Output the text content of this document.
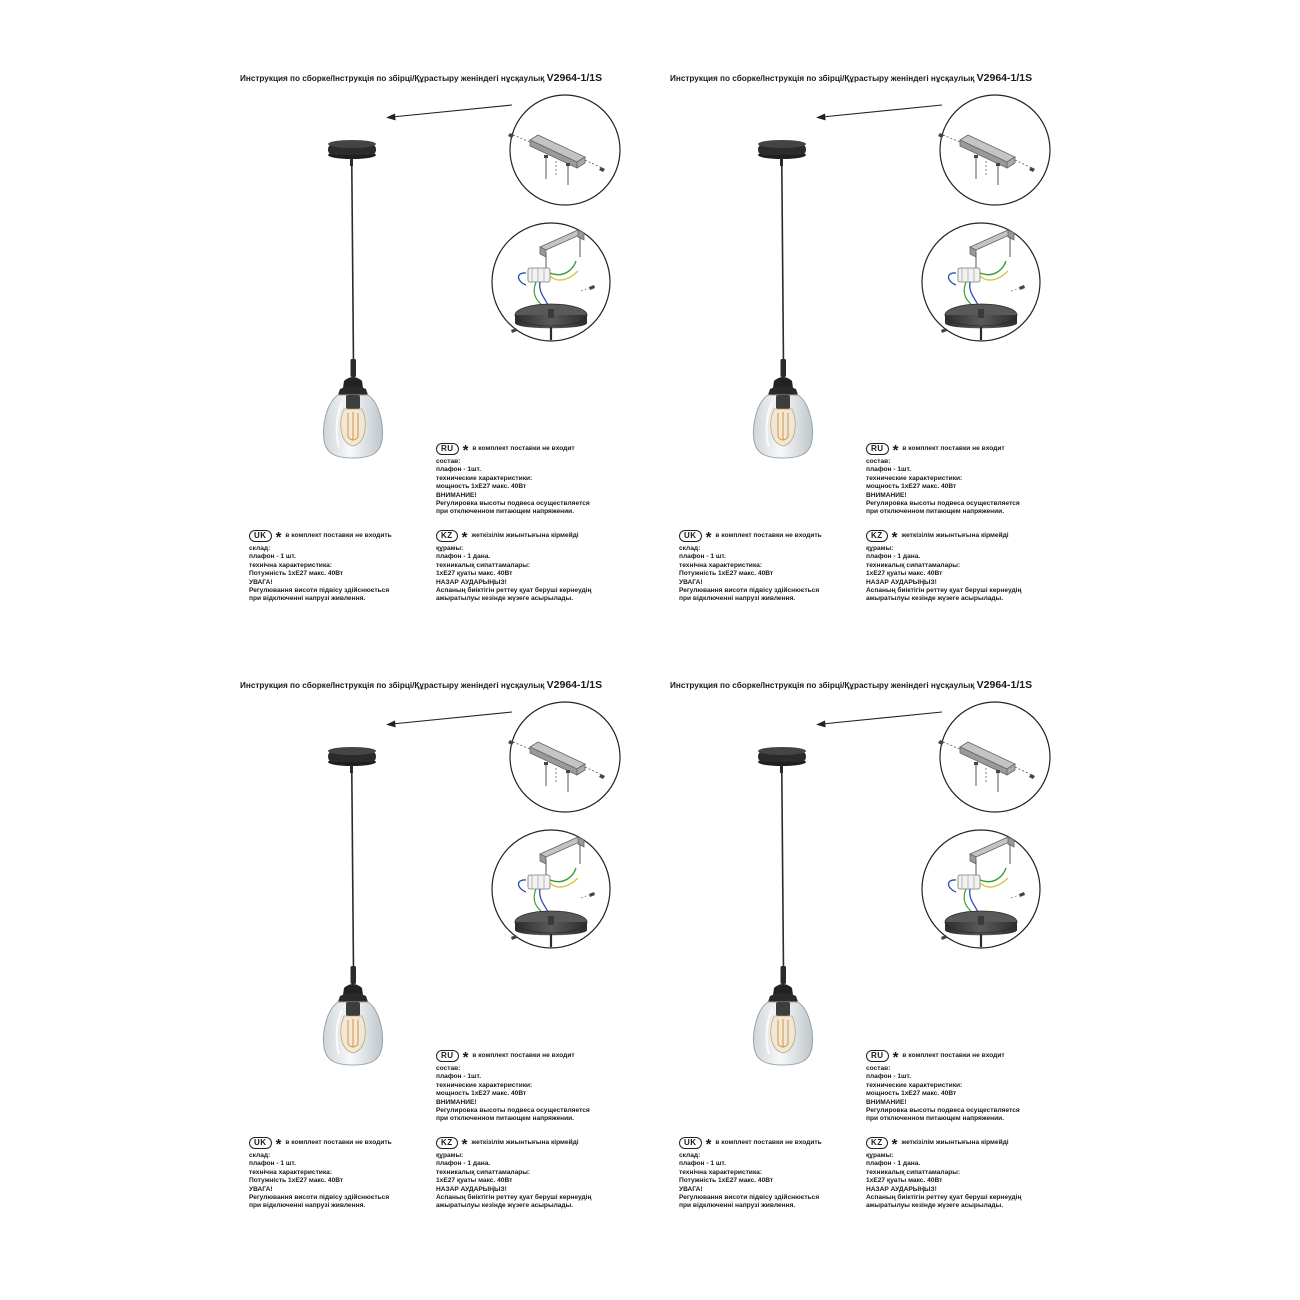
Инструкция по сборке/Інструкція по збірці/Құрастыру женіндегі нұсқаулық V2964-1/1S
RU * в комплект поставки не входит
состав:
плафон - 1шт.
технические характеристики:
мощность 1xE27 макс. 40Вт
ВНИМАНИЕ!
Регулировка высоты подвеса осуществляется
при отключенном питающем напряжении.
UK * в комплект поставки не входить
склад:
плафон - 1 шт.
технічна характеристика:
Потужність 1xE27 макс. 40Вт
УВАГА!
Регулювання висоти підвісу здійснюється
при відключенні напрузі живлення.
KZ * жеткізілім жиынтығына кірмейді
құрамы:
плафон - 1 дана.
техникалық сипаттамалары:
1xE27 қуаты макс. 40Вт
НАЗАР АУДАРЫҢЫЗ!
Аспаның биіктігін реттеу қуат беруші кернеудің
ажыратылуы кезінде жүзеге асырылады.
Инструкция по сборке/Інструкція по збірці/Құрастыру женіндегі нұсқаулық V2964-1/1S
RU * в комплект поставки не входит
состав:
плафон - 1шт.
технические характеристики:
мощность 1xE27 макс. 40Вт
ВНИМАНИЕ!
Регулировка высоты подвеса осуществляется
при отключенном питающем напряжении.
UK * в комплект поставки не входить
склад:
плафон - 1 шт.
технічна характеристика:
Потужність 1xE27 макс. 40Вт
УВАГА!
Регулювання висоти підвісу здійснюється
при відключенні напрузі живлення.
KZ * жеткізілім жиынтығына кірмейді
құрамы:
плафон - 1 дана.
техникалық сипаттамалары:
1xE27 қуаты макс. 40Вт
НАЗАР АУДАРЫҢЫЗ!
Аспаның биіктігін реттеу қуат беруші кернеудің
ажыратылуы кезінде жүзеге асырылады.
Инструкция по сборке/Інструкція по збірці/Құрастыру женіндегі нұсқаулық V2964-1/1S
RU * в комплект поставки не входит
состав:
плафон - 1шт.
технические характеристики:
мощность 1xE27 макс. 40Вт
ВНИМАНИЕ!
Регулировка высоты подвеса осуществляется
при отключенном питающем напряжении.
UK * в комплект поставки не входить
склад:
плафон - 1 шт.
технічна характеристика:
Потужність 1xE27 макс. 40Вт
УВАГА!
Регулювання висоти підвісу здійснюється
при відключенні напрузі живлення.
KZ * жеткізілім жиынтығына кірмейді
құрамы:
плафон - 1 дана.
техникалық сипаттамалары:
1xE27 қуаты макс. 40Вт
НАЗАР АУДАРЫҢЫЗ!
Аспаның биіктігін реттеу қуат беруші кернеудің
ажыратылуы кезінде жүзеге асырылады.
Инструкция по сборке/Інструкція по збірці/Құрастыру женіндегі нұсқаулық V2964-1/1S
RU * в комплект поставки не входит
состав:
плафон - 1шт.
технические характеристики:
мощность 1xE27 макс. 40Вт
ВНИМАНИЕ!
Регулировка высоты подвеса осуществляется
при отключенном питающем напряжении.
UK * в комплект поставки не входить
склад:
плафон - 1 шт.
технічна характеристика:
Потужність 1xE27 макс. 40Вт
УВАГА!
Регулювання висоти підвісу здійснюється
при відключенні напрузі живлення.
KZ * жеткізілім жиынтығына кірмейді
құрамы:
плафон - 1 дана.
техникалық сипаттамалары:
1xE27 қуаты макс. 40Вт
НАЗАР АУДАРЫҢЫЗ!
Аспаның биіктігін реттеу қуат беруші кернеудің
ажыратылуы кезінде жүзеге асырылады.
